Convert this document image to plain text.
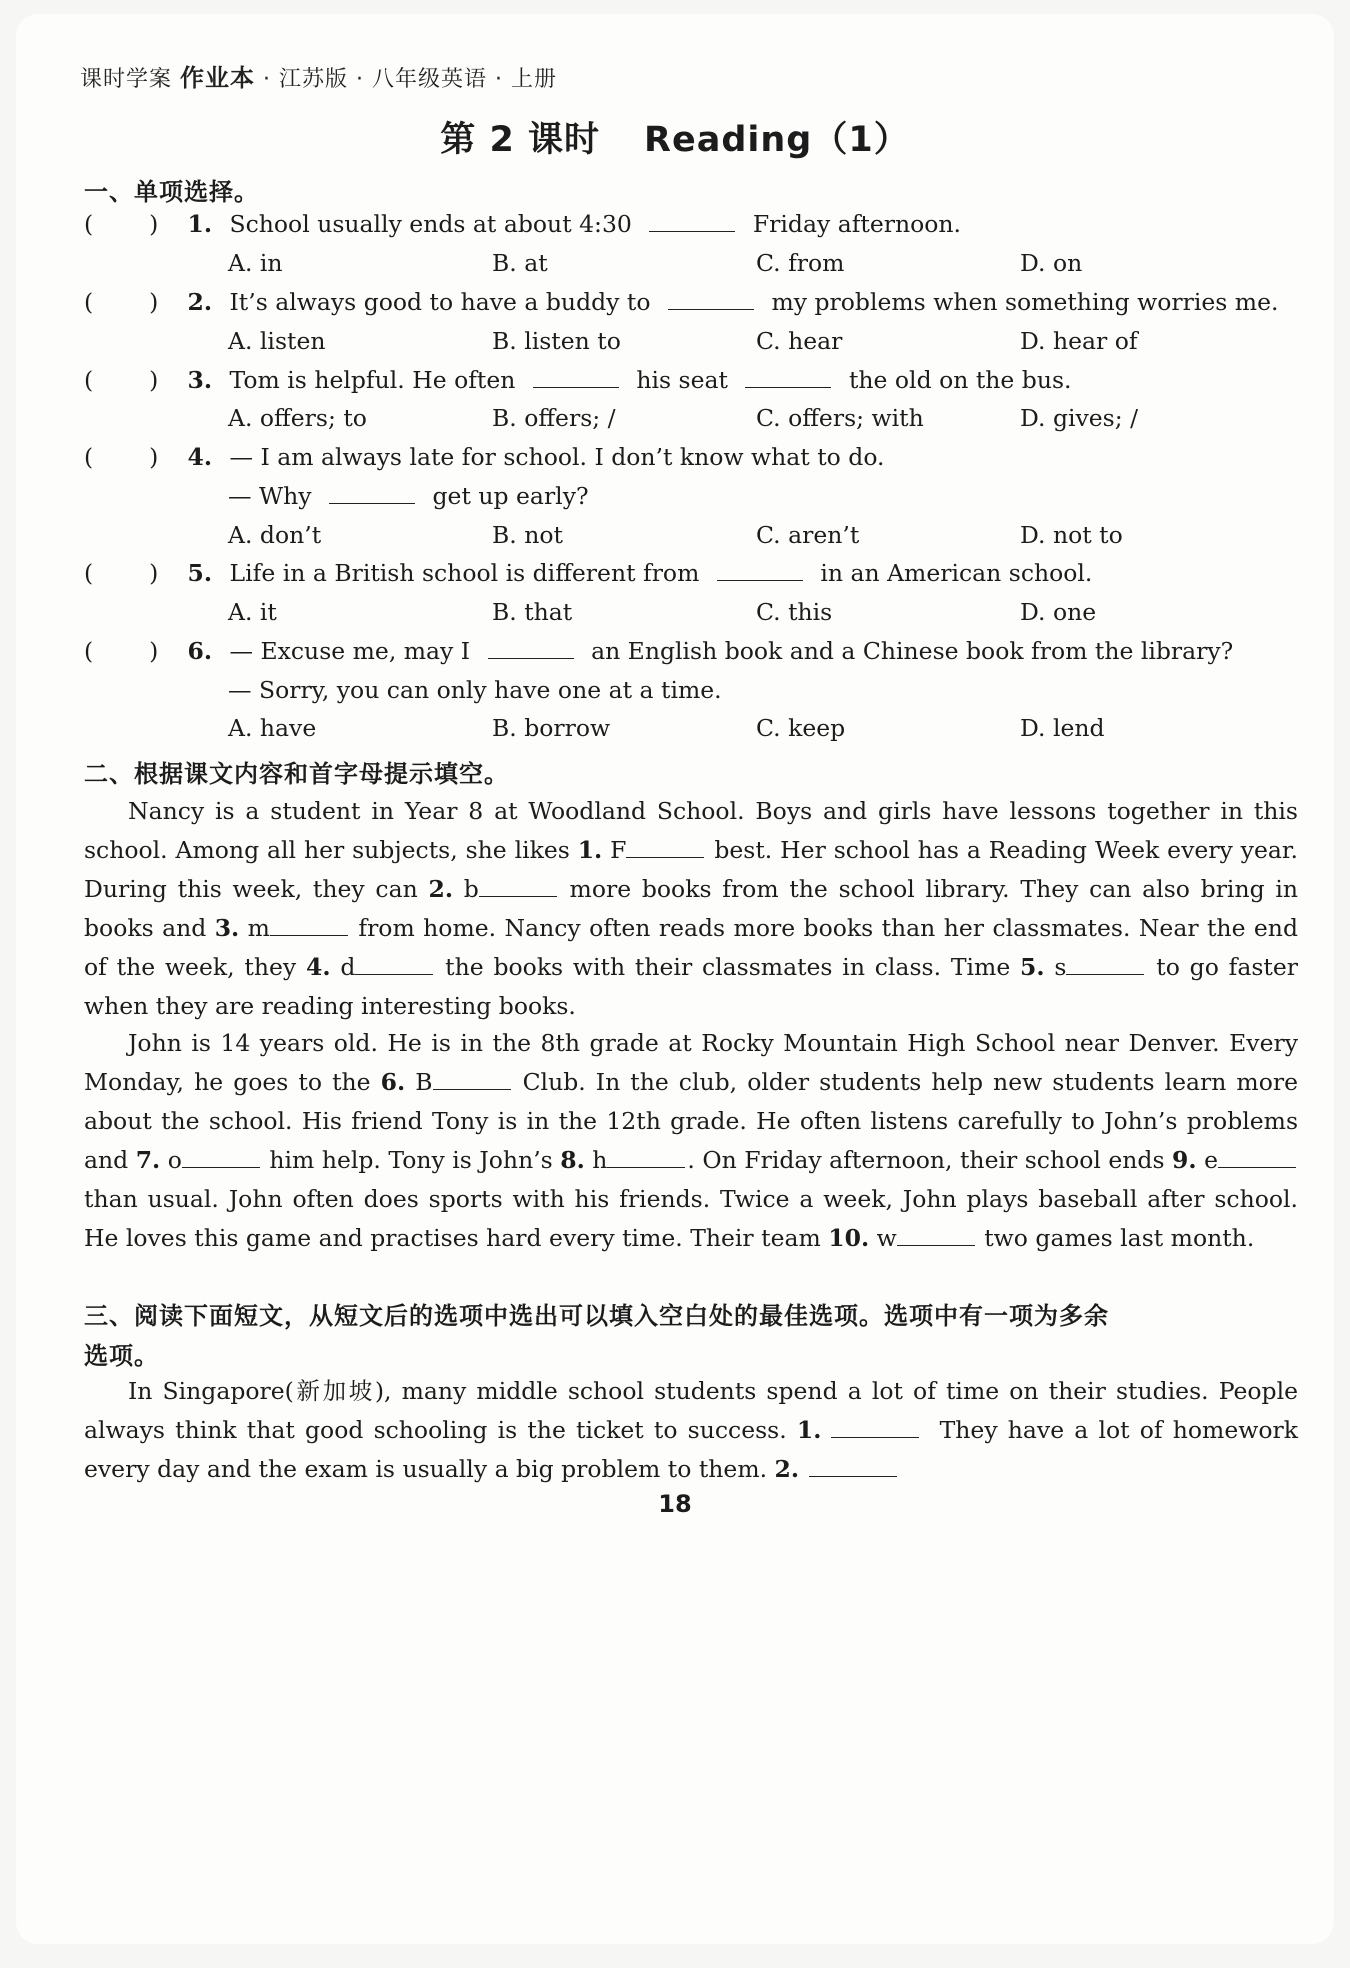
课时学案 作业本 · 江苏版 · 八年级英语 · 上册
第 2 课时 Reading（1）
一、单项选择。
( ) 1. School usually ends at about 4:30	Friday afternoon.
A. in	B. at	C. from	D. on
( ) 2. It’s always good to have a buddy to	my problems when something worries me.
A. listen	B. listen to	C. hear	D. hear of
( ) 3. Tom is helpful. He often	his seat	the old on the bus.
A. offers; to	B. offers; /	C. offers; with	D. gives; /
( ) 4. — I am always late for school. I don’t know what to do.
— Why	get up early?
A. don’t	B. not	C. aren’t	D. not to
( ) 5. Life in a British school is different from	in an American school.
A. it	B. that	C. this	D. one
( ) 6. — Excuse me, may I	an English book and a Chinese book from the library?
— Sorry, you can only have one at a time.
A. have	B. borrow	C. keep	D. lend
二、根据课文内容和首字母提示填空。
Nancy is a student in Year 8 at Woodland School. Boys and girls have lessons together in this school. Among all her subjects, she likes 1. F	best. Her school has a Reading Week every year. During this week, they can 2. b	more books from the school library. They can also bring in books and 3. m	from home. Nancy often reads more books than her classmates. Near the end of the week, they 4. d	the books with their classmates in class. Time 5. s	to go faster when they are reading interesting books.
John is 14 years old. He is in the 8th grade at Rocky Mountain High School near Denver. Every Monday, he goes to the 6. B	Club. In the club, older students help new students learn more about the school. His friend Tony is in the 12th grade. He often listens carefully to John’s problems and 7. o	him help. Tony is John’s 8. h	. On Friday afternoon, their school ends 9. e than usual. John often does sports with his friends. Twice a week, John plays baseball after school. He loves this game and practises hard every time. Their team 10. w	two games last month.
三、阅读下面短文，从短文后的选项中选出可以填入空白处的最佳选项。选项中有一项为多余
选项。
In Singapore(新加坡), many middle school students spend a lot of time on their studies. People always think that good schooling is the ticket to success. 1.	They have a lot of homework every day and the exam is usually a big problem to them. 2.
18
